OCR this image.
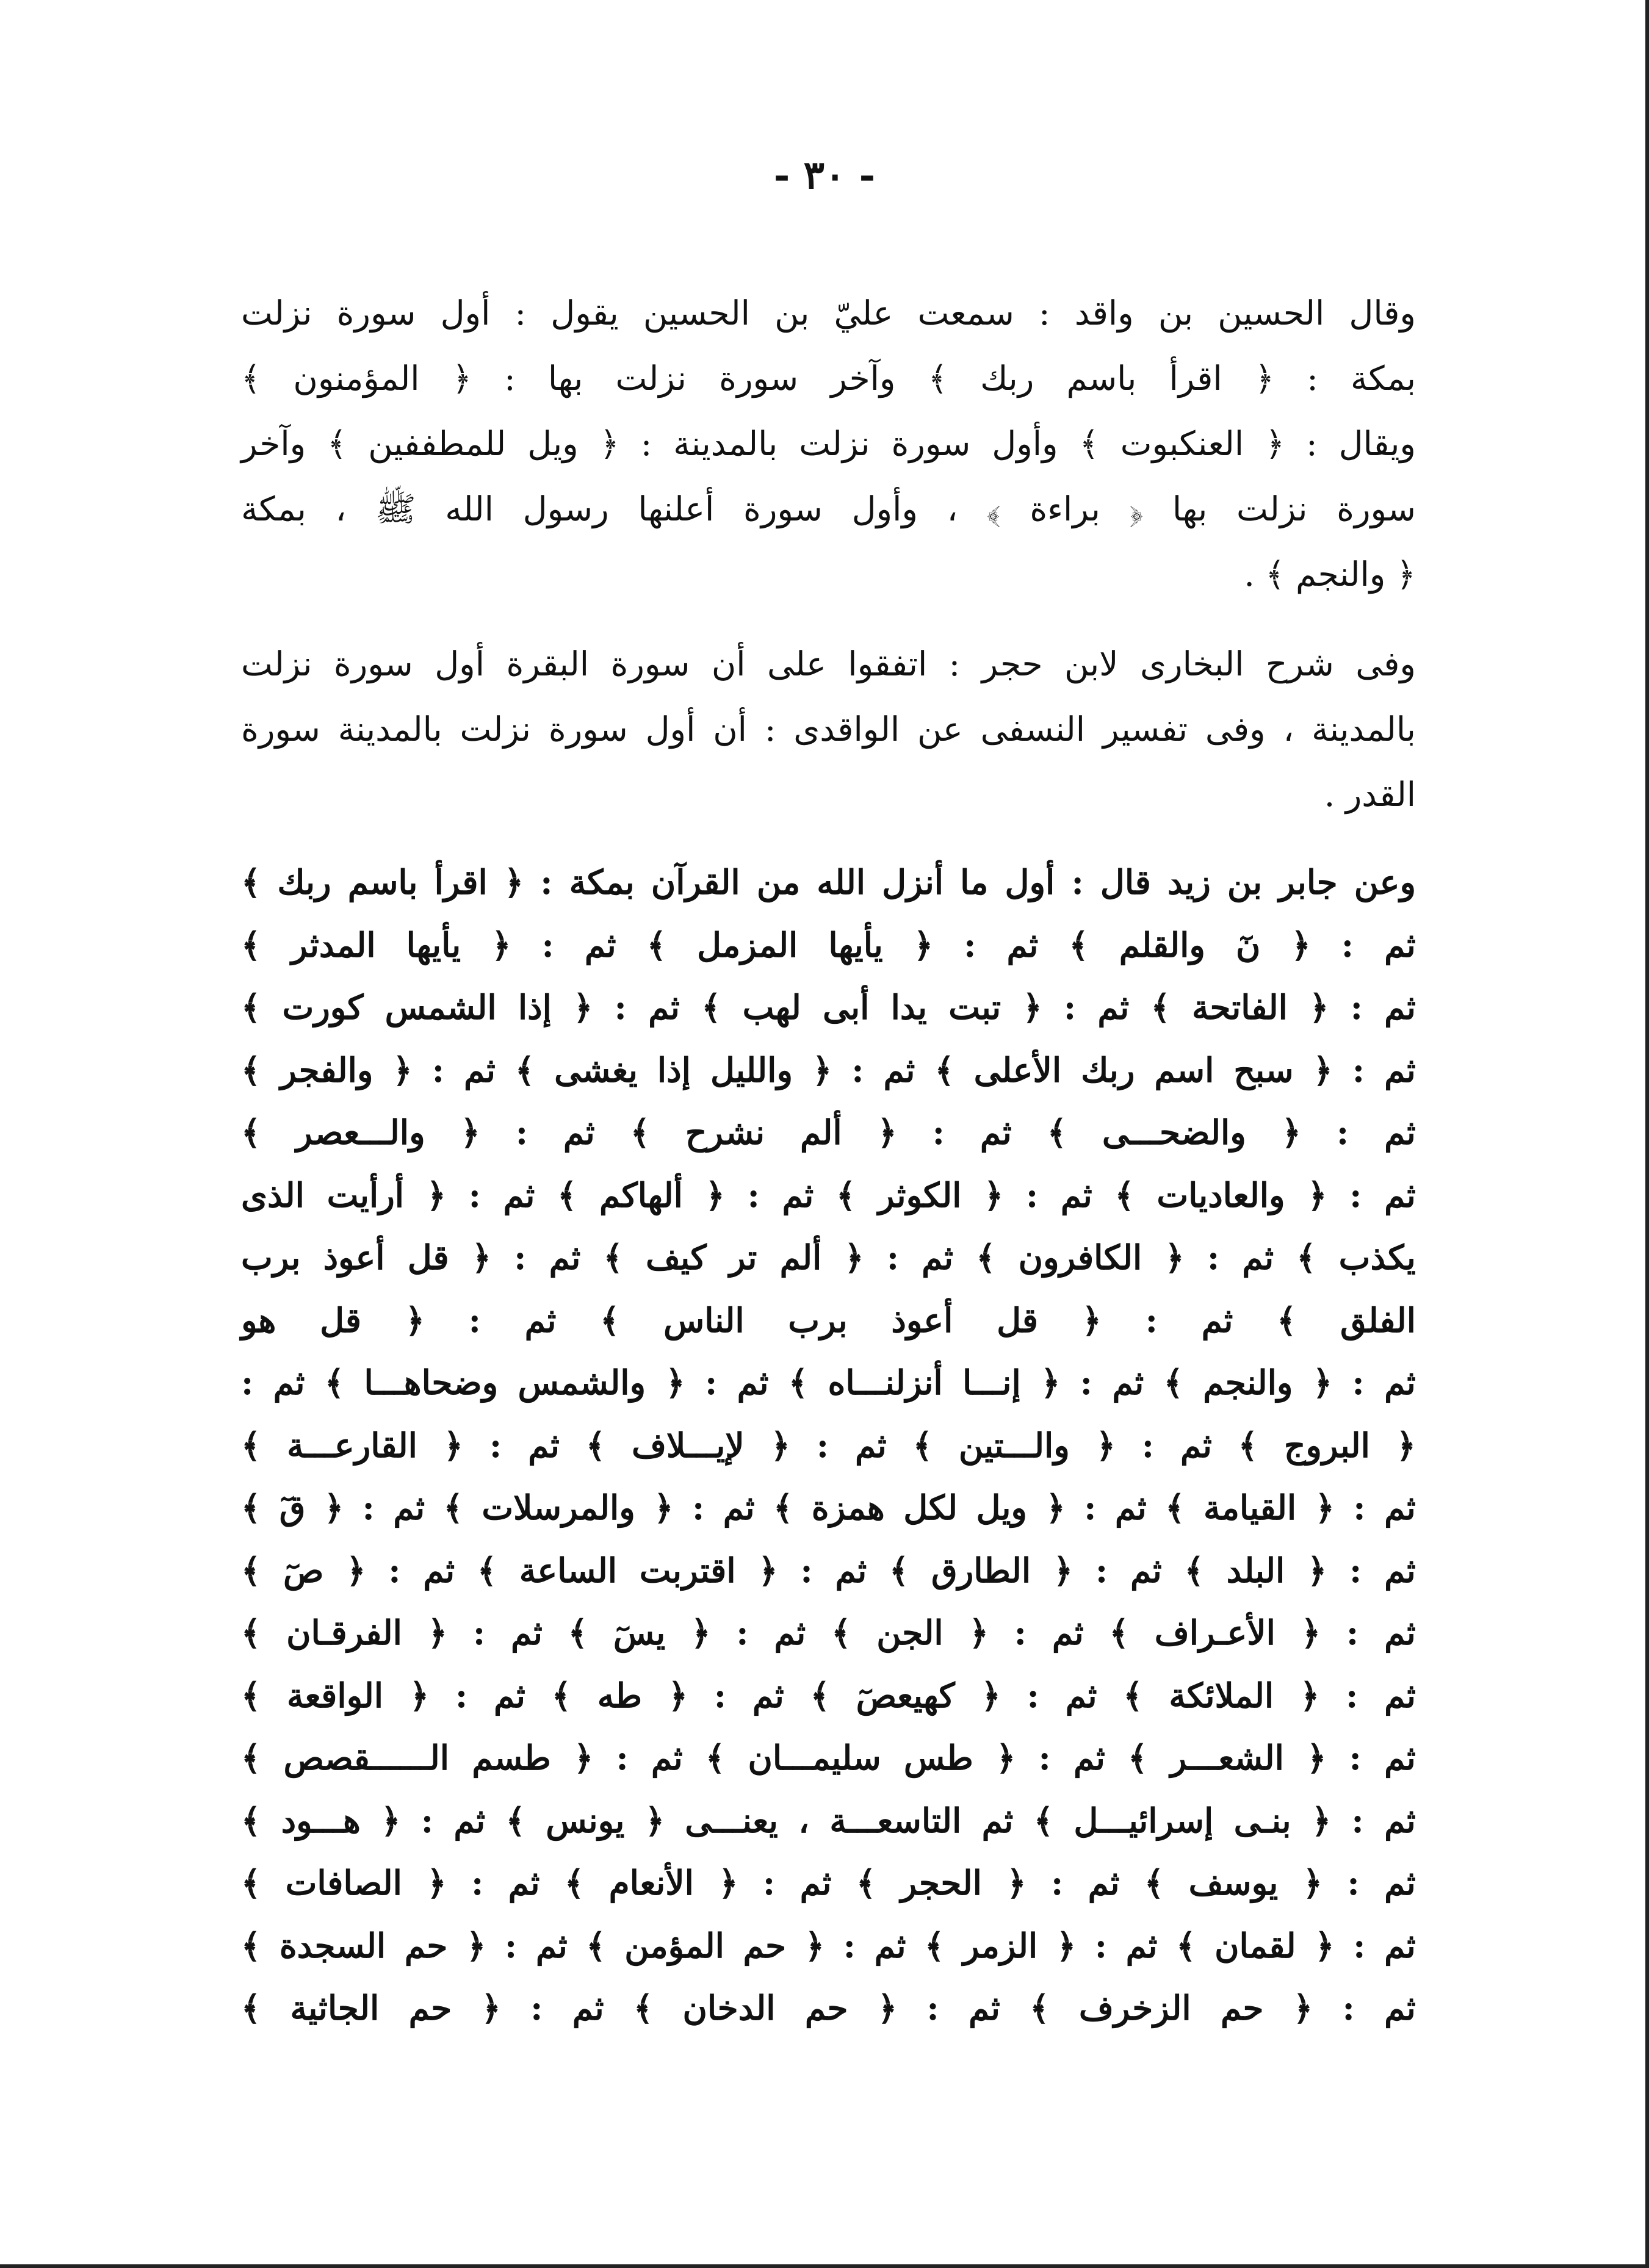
- ٣٠ -
وقال الحسين بن واقد : سمعت عليّ بن الحسين يقول : أول سورة نزلت
بمكة : ﴿ اقرأ باسم ربك ﴾ وآخر سورة نزلت بها : ﴿ المؤمنون ﴾
ويقال : ﴿ العنكبوت ﴾ وأول سورة نزلت بالمدينة : ﴿ ويل للمطففين ﴾ وآخر
سورة نزلت بها ﴿ براءة ﴾ ، وأول سورة أعلنها رسول الله ﷺ ، بمكة
﴿ والنجم ﴾ .
وفى شرح البخارى لابن حجر : اتفقوا على أن سورة البقرة أول سورة نزلت
بالمدينة ، وفى تفسير النسفى عن الواقدى : أن أول سورة نزلت بالمدينة سورة
القدر .
وعن جابر بن زيد قال : أول ما أنزل الله من القرآن بمكة : ﴿ اقرأ باسم ربك ﴾
ثم : ﴿ نٓ والقلم ﴾ ثم : ﴿ يأيها المزمل ﴾ ثم : ﴿ يأيها المدثر ﴾
ثم : ﴿ الفاتحة ﴾ ثم : ﴿ تبت يدا أبى لهب ﴾ ثم : ﴿ إذا الشمس كورت ﴾
ثم : ﴿ سبح اسم ربك الأعلى ﴾ ثم : ﴿ والليل إذا يغشى ﴾ ثم : ﴿ والفجر ﴾
ثم : ﴿ والضحـــى ﴾ ثم : ﴿ ألم نشرح ﴾ ثم : ﴿ والـــعصر ﴾
ثم : ﴿ والعاديات ﴾ ثم : ﴿ الكوثر ﴾ ثم : ﴿ ألهاكم ﴾ ثم : ﴿ أرأيت الذى
يكذب ﴾ ثم : ﴿ الكافرون ﴾ ثم : ﴿ ألم تر كيف ﴾ ثم : ﴿ قل أعوذ برب
الفلق ﴾ ثم : ﴿ قل أعوذ برب الناس ﴾ ثم : ﴿ قل هو
ثم : ﴿ والنجم ﴾ ثم : ﴿ إنـــا أنزلنـــاه ﴾ ثم : ﴿ والشمس وضحاهـــا ﴾ ثم :
﴿ البروج ﴾ ثم : ﴿ والـــتين ﴾ ثم : ﴿ لإيـــلاف ﴾ ثم : ﴿ القارعـــة ﴾
ثم : ﴿ القيامة ﴾ ثم : ﴿ ويل لكل همزة ﴾ ثم : ﴿ والمرسلات ﴾ ثم : ﴿ قٓ ﴾
ثم : ﴿ البلد ﴾ ثم : ﴿ الطارق ﴾ ثم : ﴿ اقتربت الساعة ﴾ ثم : ﴿ صٓ ﴾
ثم : ﴿ الأعـراف ﴾ ثم : ﴿ الجن ﴾ ثم : ﴿ يسٓ ﴾ ثم : ﴿ الفرقـان ﴾
ثم : ﴿ الملائكة ﴾ ثم : ﴿ كهيعصٓ ﴾ ثم : ﴿ طه ﴾ ثم : ﴿ الواقعة ﴾
ثم : ﴿ الشعـــر ﴾ ثم : ﴿ طس سليمـــان ﴾ ثم : ﴿ طسم الــــــقصص ﴾
ثم : ﴿ بنـى إسرائيـــل ﴾ ثم التاسعـــة ، يعنـــى ﴿ يونس ﴾ ثم : ﴿ هـــود ﴾
ثم : ﴿ يوسف ﴾ ثم : ﴿ الحجر ﴾ ثم : ﴿ الأنعام ﴾ ثم : ﴿ الصافات ﴾
ثم : ﴿ لقمان ﴾ ثم : ﴿ الزمر ﴾ ثم : ﴿ حم المؤمن ﴾ ثم : ﴿ حم السجدة ﴾
ثم : ﴿ حم الزخرف ﴾ ثم : ﴿ حم الدخان ﴾ ثم : ﴿ حم الجاثية ﴾
